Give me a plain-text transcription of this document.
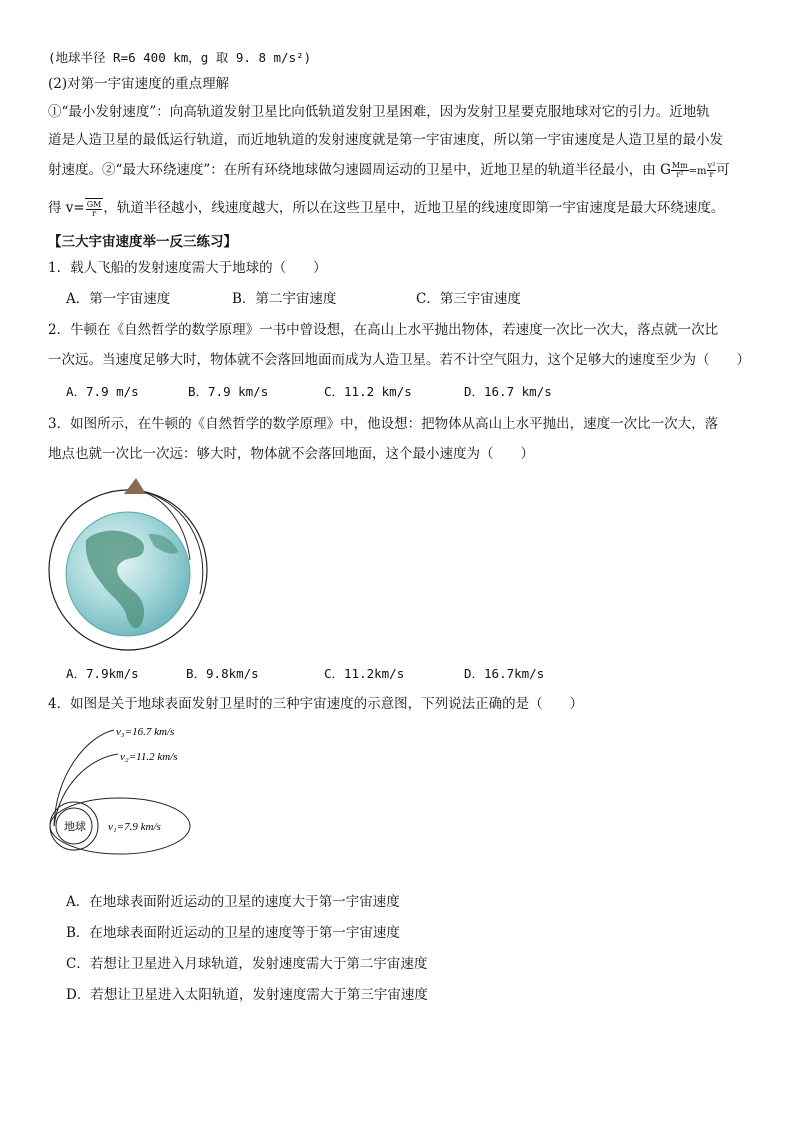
(地球半径 R=6 400 km，g 取 9. 8 m/s²)
(2)对第一宇宙速度的重点理解
①“最小发射速度”：向高轨道发射卫星比向低轨道发射卫星困难，因为发射卫星要克服地球对它的引力。近地轨
道是人造卫星的最低运行轨道，而近地轨道的发射速度就是第一宇宙速度，所以第一宇宙速度是人造卫星的最小发
射速度。②“最大环绕速度”：在所有环绕地球做匀速圆周运动的卫星中，近地卫星的轨道半径最小，由 G $\frac{Mm}{\text{r²}} =m \frac{\text{v²}}{r}$ 可
得 $v= \frac{GM}{r}$ ，轨道半径越小，线速度越大，所以在这些卫星中，近地卫星的线速度即第一宇宙速度是最大环绕速度。
【三大宇宙速度举一反三练习】
1．载人飞船的发射速度需大于地球的（　　）
A．第一宇宙速度	B．第二宇宙速度	C．第三宇宙速度
2．牛顿在《自然哲学的数学原理》一书中曾设想，在高山上水平抛出物体，若速度一次比一次大，落点就一次比
一次远。当速度足够大时，物体就不会落回地面而成为人造卫星。若不计空气阻力，这个足够大的速度至少为（　　）
A．7.9 m/s	B．7.9 km/s	C．11.2 km/s	D．16.7 km/s
3．如图所示，在牛顿的《自然哲学的数学原理》中，他设想：把物体从高山上水平抛出，速度一次比一次大，落
地点也就一次比一次远：够大时，物体就不会落回地面，这个最小速度为（　　）
A．7.9km/s	B．9.8km/s	C．11.2km/s	D．16.7km/s
4．如图是关于地球表面发射卫星时的三种宇宙速度的示意图，下列说法正确的是（　　）
地球
v₃=16.7 km/s
v₂=11.2 km/s
v₁=7.9 km/s
A．在地球表面附近运动的卫星的速度大于第一宇宙速度
B．在地球表面附近运动的卫星的速度等于第一宇宙速度
C．若想让卫星进入月球轨道，发射速度需大于第二宇宙速度
D．若想让卫星进入太阳轨道，发射速度需大于第三宇宙速度
